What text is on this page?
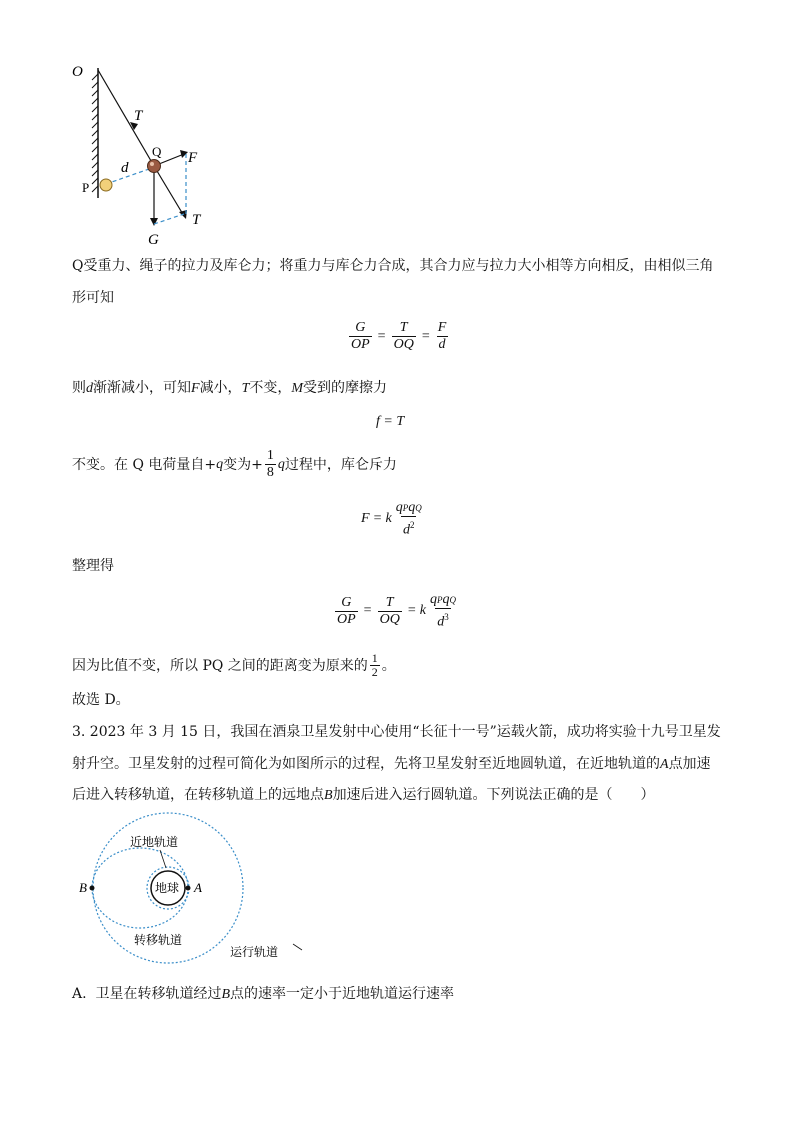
O
T
Q F
d
P
T
G
Q受重力、绳子的拉力及库仑力；将重力与库仑力合成，其合力应与拉力大小相等方向相反，由相似三角
形可知
$\frac{G}{OP} = \frac{T}{OQ} = \frac{F}{d}$
则d渐渐减小，可知F减小，T不变，M受到的摩擦力
f = T
不变。在 Q 电荷量自+ q 变为+ $\frac{1}{8}$ q 过程中，库仑斥力
F = k $\frac{\text{qPqQ}}{d^2}$
整理得
$\frac{G}{OP} = \frac{T}{OQ} = k \frac{\text{qPqQ}}{d^3}$
因为比值不变，所以 PQ 之间的距离变为原来的 $\frac{1}{2}$ 。
故选 D。
3. 2023 年 3 月 15 日，我国在酒泉卫星发射中心使用“长征十一号”运载火箭，成功将实验十九号卫星发
射升空。卫星发射的过程可简化为如图所示的过程，先将卫星发射至近地圆轨道，在近地轨道的A点加速
后进入转移轨道，在转移轨道上的远地点B加速后进入运行圆轨道。下列说法正确的是（　　）
近地轨道
地球
B	A
转移轨道
运行轨道
A. 卫星在转移轨道经过B点的速率一定小于近地轨道运行速率
